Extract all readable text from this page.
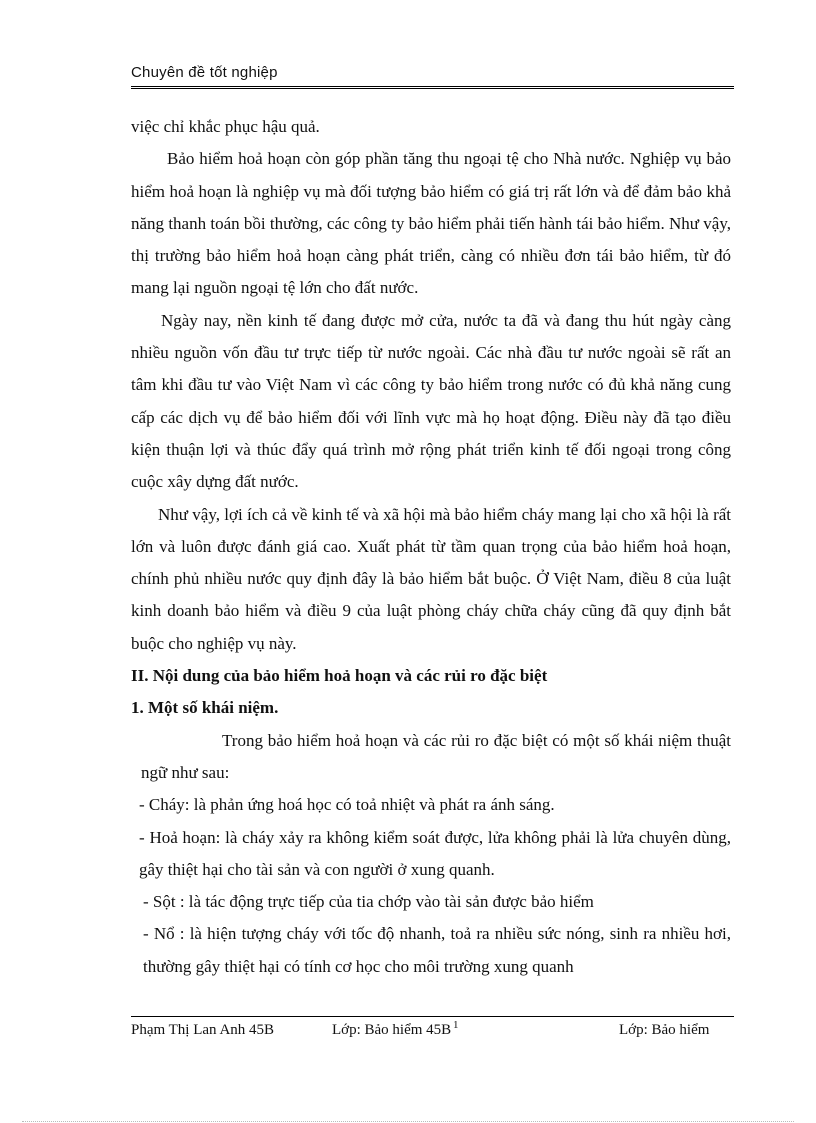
Chuyên đề tốt nghiệp

việc chỉ khắc phục hậu quả.

Bảo hiểm hoả hoạn còn góp phần tăng thu ngoại tệ cho Nhà nước. Nghiệp vụ bảo hiểm hoả hoạn là nghiệp vụ mà đối tượng bảo hiểm có giá trị rất lớn và để đảm bảo khả năng thanh toán bồi thường, các công ty bảo hiểm phải tiến hành tái bảo hiểm. Như vậy, thị trường bảo hiểm hoả hoạn càng phát triển, càng có nhiều đơn tái bảo hiểm, từ đó mang lại nguồn ngoại tệ lớn cho đất nước.

Ngày nay, nền kinh tế đang được mở cửa, nước ta đã và đang thu hút ngày càng nhiều nguồn vốn đầu tư trực tiếp từ nước ngoài. Các nhà đầu tư nước ngoài sẽ rất an tâm khi đầu tư vào Việt Nam vì các công ty bảo hiểm trong nước có đủ khả năng cung cấp các dịch vụ để bảo hiểm đối với lĩnh vực mà họ hoạt động. Điều này đã tạo điều kiện thuận lợi và thúc đẩy quá trình mở rộng phát triển kinh tế đối ngoại trong công cuộc xây dựng đất nước.

Như vậy, lợi ích cả về kinh tế và xã hội mà bảo hiểm cháy mang lại cho xã hội là rất lớn và luôn được đánh giá cao. Xuất phát từ tầm quan trọng của bảo hiểm hoả hoạn, chính phủ nhiều nước quy định đây là bảo hiểm bắt buộc. Ở Việt Nam, điều 8 của luật kinh doanh bảo hiểm và điều 9 của luật phòng cháy chữa cháy cũng đã quy định bắt buộc cho nghiệp vụ này.

II. Nội dung của bảo hiểm hoả hoạn và các rủi ro đặc biệt

1. Một số khái niệm.

Trong bảo hiểm hoả hoạn và các rủi ro đặc biệt có một số khái niệm thuật ngữ như sau:

- Cháy: là phản ứng hoá học có toả nhiệt và phát ra ánh sáng.

- Hoả hoạn: là cháy xảy ra không kiểm soát được, lửa không phải là lửa chuyên dùng, gây thiệt hại cho tài sản và con người ở xung quanh.

- Sột : là tác động trực tiếp của tia chớp vào tài sản được bảo hiểm

- Nổ : là hiện tượng cháy với tốc độ nhanh, toả ra nhiều sức nóng, sinh ra nhiều hơi, thường gây thiệt hại có tính cơ học cho môi trường xung quanh

Phạm Thị Lan Anh 45B	Lớp: Bảo hiểm 45B 1	Lớp: Bảo hiểm
